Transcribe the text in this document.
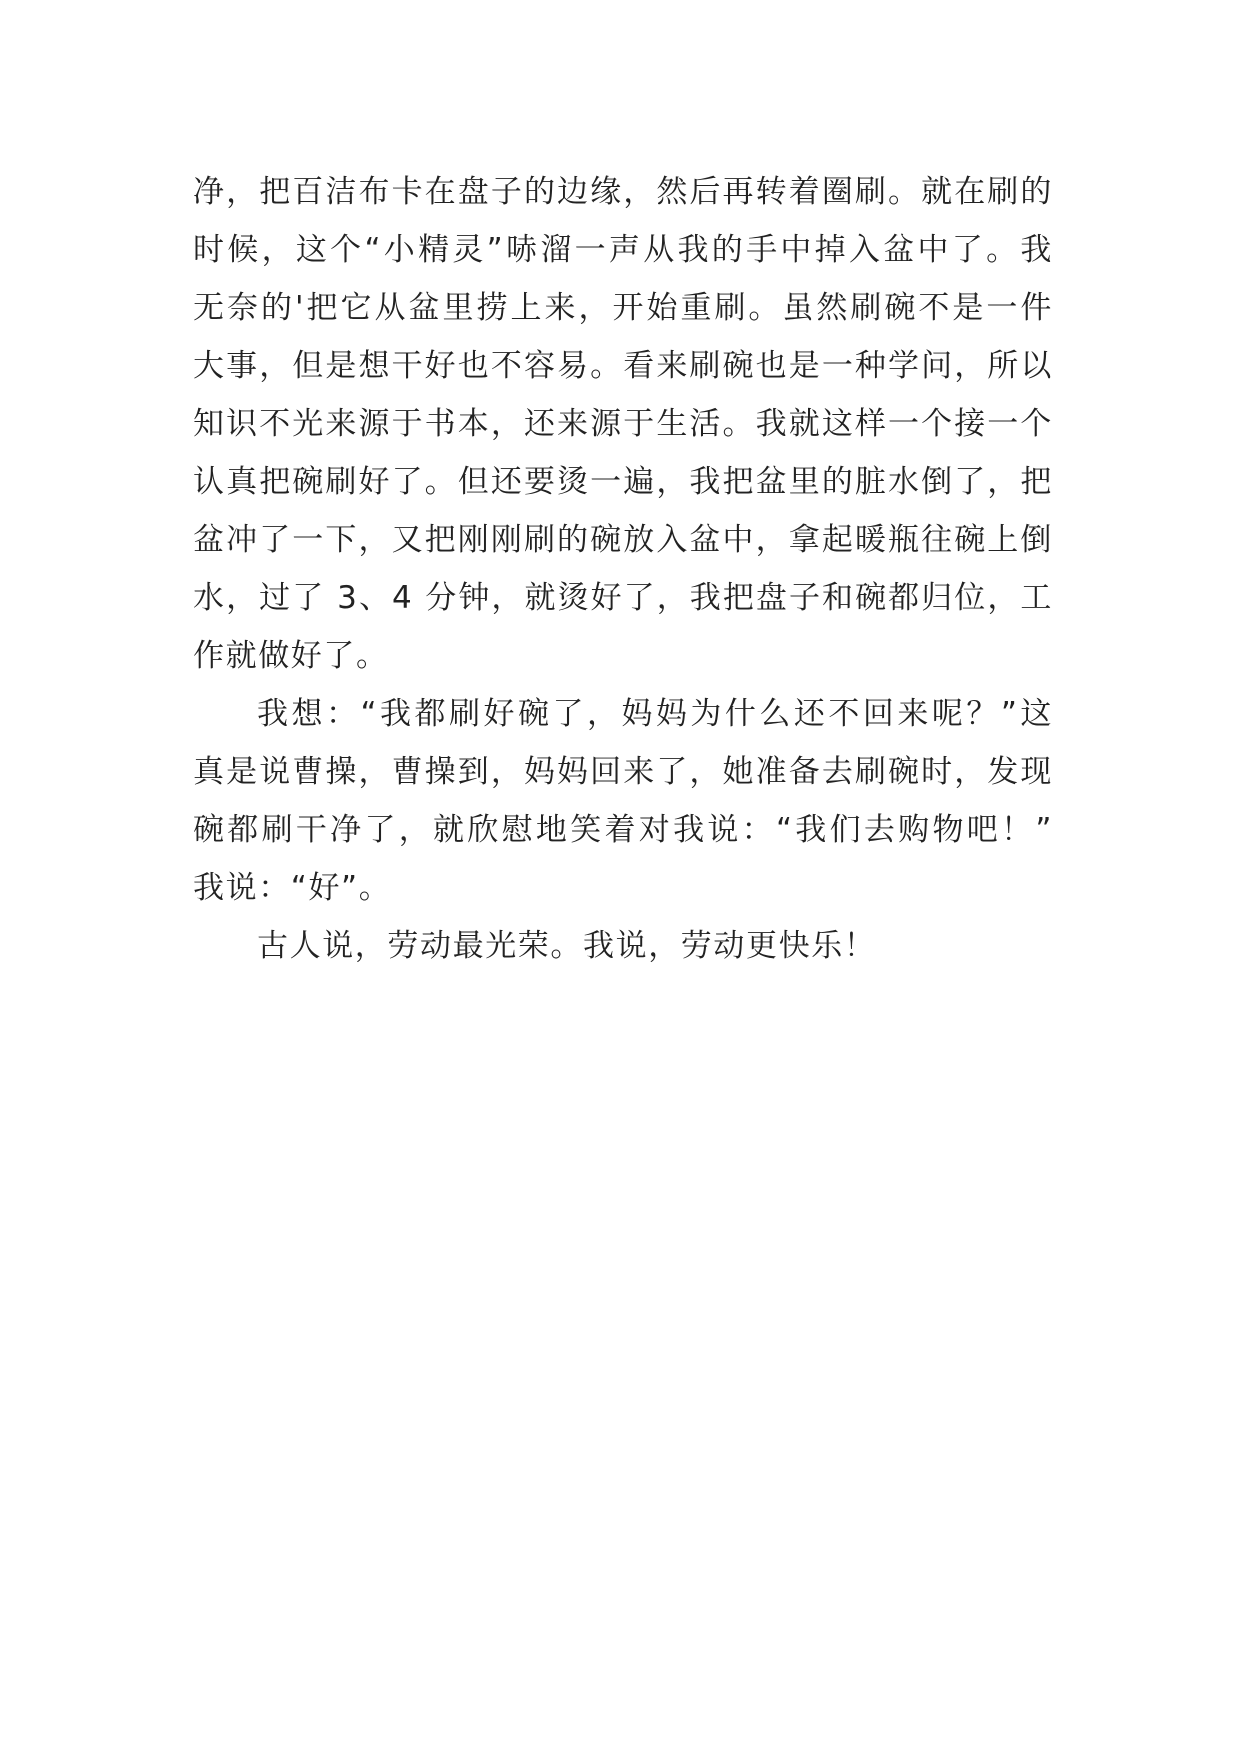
净，把百洁布卡在盘子的边缘，然后再转着圈刷。就在刷的
时候，这个“小精灵”哧溜一声从我的手中掉入盆中了。我
无奈的'把它从盆里捞上来，开始重刷。虽然刷碗不是一件
大事，但是想干好也不容易。看来刷碗也是一种学问，所以
知识不光来源于书本，还来源于生活。我就这样一个接一个
认真把碗刷好了。但还要烫一遍，我把盆里的脏水倒了，把
盆冲了一下，又把刚刚刷的碗放入盆中，拿起暖瓶往碗上倒
水，过了 3、4 分钟，就烫好了，我把盘子和碗都归位，工
作就做好了。
我想：“我都刷好碗了，妈妈为什么还不回来呢？”这
真是说曹操，曹操到，妈妈回来了，她准备去刷碗时，发现
碗都刷干净了，就欣慰地笑着对我说：“我们去购物吧！”
我说：“好”。
古人说，劳动最光荣。我说，劳动更快乐！
